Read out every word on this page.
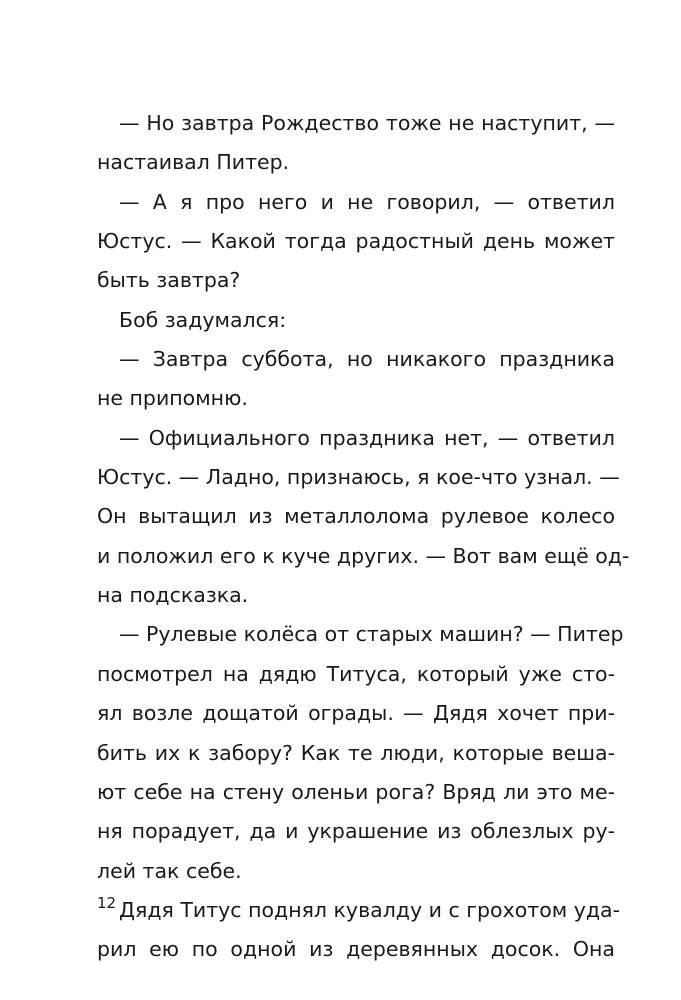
— Но завтра Рождество тоже не наступит, —
настаивал Питер.
— А я про него и не говорил, — ответил
Юстус. — Какой тогда радостный день может
быть завтра?
Боб задумался:
— Завтра суббота, но никакого праздника
не припомню.
— Официального праздника нет, — ответил
Юстус. — Ладно, признаюсь, я кое-что узнал. —
Он вытащил из металлолома рулевое колесо
и положил его к куче других. — Вот вам ещё од-
на подсказка.
— Рулевые колёса от старых машин? — Питер
посмотрел на дядю Титуса, который уже сто-
ял возле дощатой ограды. — Дядя хочет при-
бить их к забору? Как те люди, которые веша-
ют себе на стену оленьи рога? Вряд ли это ме-
ня порадует, да и украшение из облезлых ру-
лей так себе.
Дядя Титус поднял кувалду и с грохотом уда-
рил ею по одной из деревянных досок. Она
12
